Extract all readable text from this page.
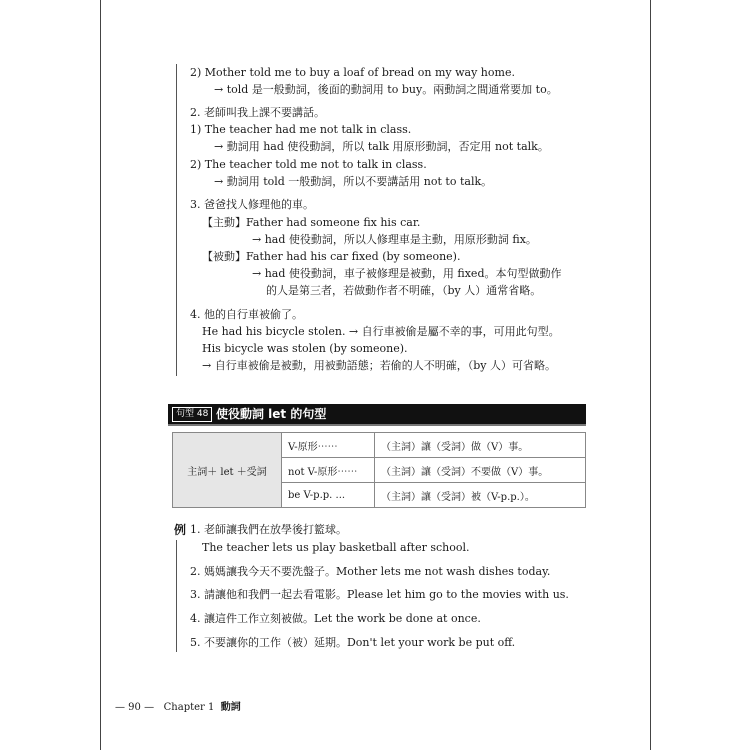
2) Mother told me to buy a loaf of bread on my way home.
→ told 是一般動詞，後面的動詞用 to buy。兩動詞之間通常要加 to。
2. 老師叫我上課不要講話。
1) The teacher had me not talk in class.
→ 動詞用 had 使役動詞，所以 talk 用原形動詞，否定用 not talk。
2) The teacher told me not to talk in class.
→ 動詞用 told 一般動詞，所以不要講話用 not to talk。
3. 爸爸找人修理他的車。
【主動】Father had someone fix his car.
→ had 使役動詞，所以人修理車是主動，用原形動詞 fix。
【被動】Father had his car fixed (by someone).
→ had 使役動詞，車子被修理是被動，用 fixed。本句型做動作
的人是第三者，若做動作者不明確，（by 人）通常省略。
4. 他的自行車被偷了。
He had his bicycle stolen. → 自行車被偷是屬不幸的事，可用此句型。
His bicycle was stolen (by someone).
→ 自行車被偷是被動，用被動語態；若偷的人不明確，（by 人）可省略。
句型 48 使役動詞 let 的句型
主詞＋ let ＋受詞	V-原形⋯⋯	（主詞）讓（受詞）做（V）事。
	not V-原形⋯⋯	（主詞）讓（受詞）不要做（V）事。
	be V-p.p. ...	（主詞）讓（受詞）被（V-p.p.）。
例 1. 老師讓我們在放學後打籃球。
The teacher lets us play basketball after school.
2. 媽媽讓我今天不要洗盤子。Mother lets me not wash dishes today.
3. 請讓他和我們一起去看電影。Please let him go to the movies with us.
4. 讓這件工作立刻被做。Let the work be done at once.
5. 不要讓你的工作（被）延期。Don't let your work be put off.
— 90 — Chapter 1 動詞
